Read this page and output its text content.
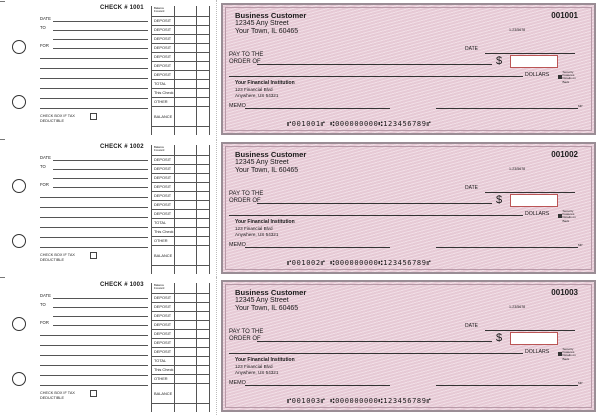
CHECK # 1001
DATE
TO
FOR
CHECK BOX IF TAX DEDUCTIBLE
Balance Forward
DEPOSIT
DEPOSIT
DEPOSIT
DEPOSIT
DEPOSIT
DEPOSIT
DEPOSIT
TOTAL
This Check
OTHER
BALANCE
Business Customer
12345 Any Street
Your Town, IL 60465
001001
1-23/5678
DATE
PAY TO THE
ORDER OF	$
DOLLARS	Security Features Details on Back
Your Financial Institution
123 Financial Blvd
Anywhere, US 54321
MEMO	MP
⑈001001⑈ ⑆000000000⑆123456789⑈
CHECK # 1002
DATE
TO
FOR
CHECK BOX IF TAX DEDUCTIBLE
Balance Forward
DEPOSIT
DEPOSIT
DEPOSIT
DEPOSIT
DEPOSIT
DEPOSIT
DEPOSIT
TOTAL
This Check
OTHER
BALANCE
Business Customer
12345 Any Street
Your Town, IL 60465
001002
1-23/5678
DATE
PAY TO THE
ORDER OF	$
DOLLARS	Security Features Details on Back
Your Financial Institution
123 Financial Blvd
Anywhere, US 54321
MEMO	MP
⑈001002⑈ ⑆000000000⑆123456789⑈
CHECK # 1003
DATE
TO
FOR
CHECK BOX IF TAX DEDUCTIBLE
Balance Forward
DEPOSIT
DEPOSIT
DEPOSIT
DEPOSIT
DEPOSIT
DEPOSIT
DEPOSIT
TOTAL
This Check
OTHER
BALANCE
Business Customer
12345 Any Street
Your Town, IL 60465
001003
1-23/5678
DATE
PAY TO THE
ORDER OF	$
DOLLARS	Security Features Details on Back
Your Financial Institution
123 Financial Blvd
Anywhere, US 54321
MEMO	MP
⑈001003⑈ ⑆000000000⑆123456789⑈
